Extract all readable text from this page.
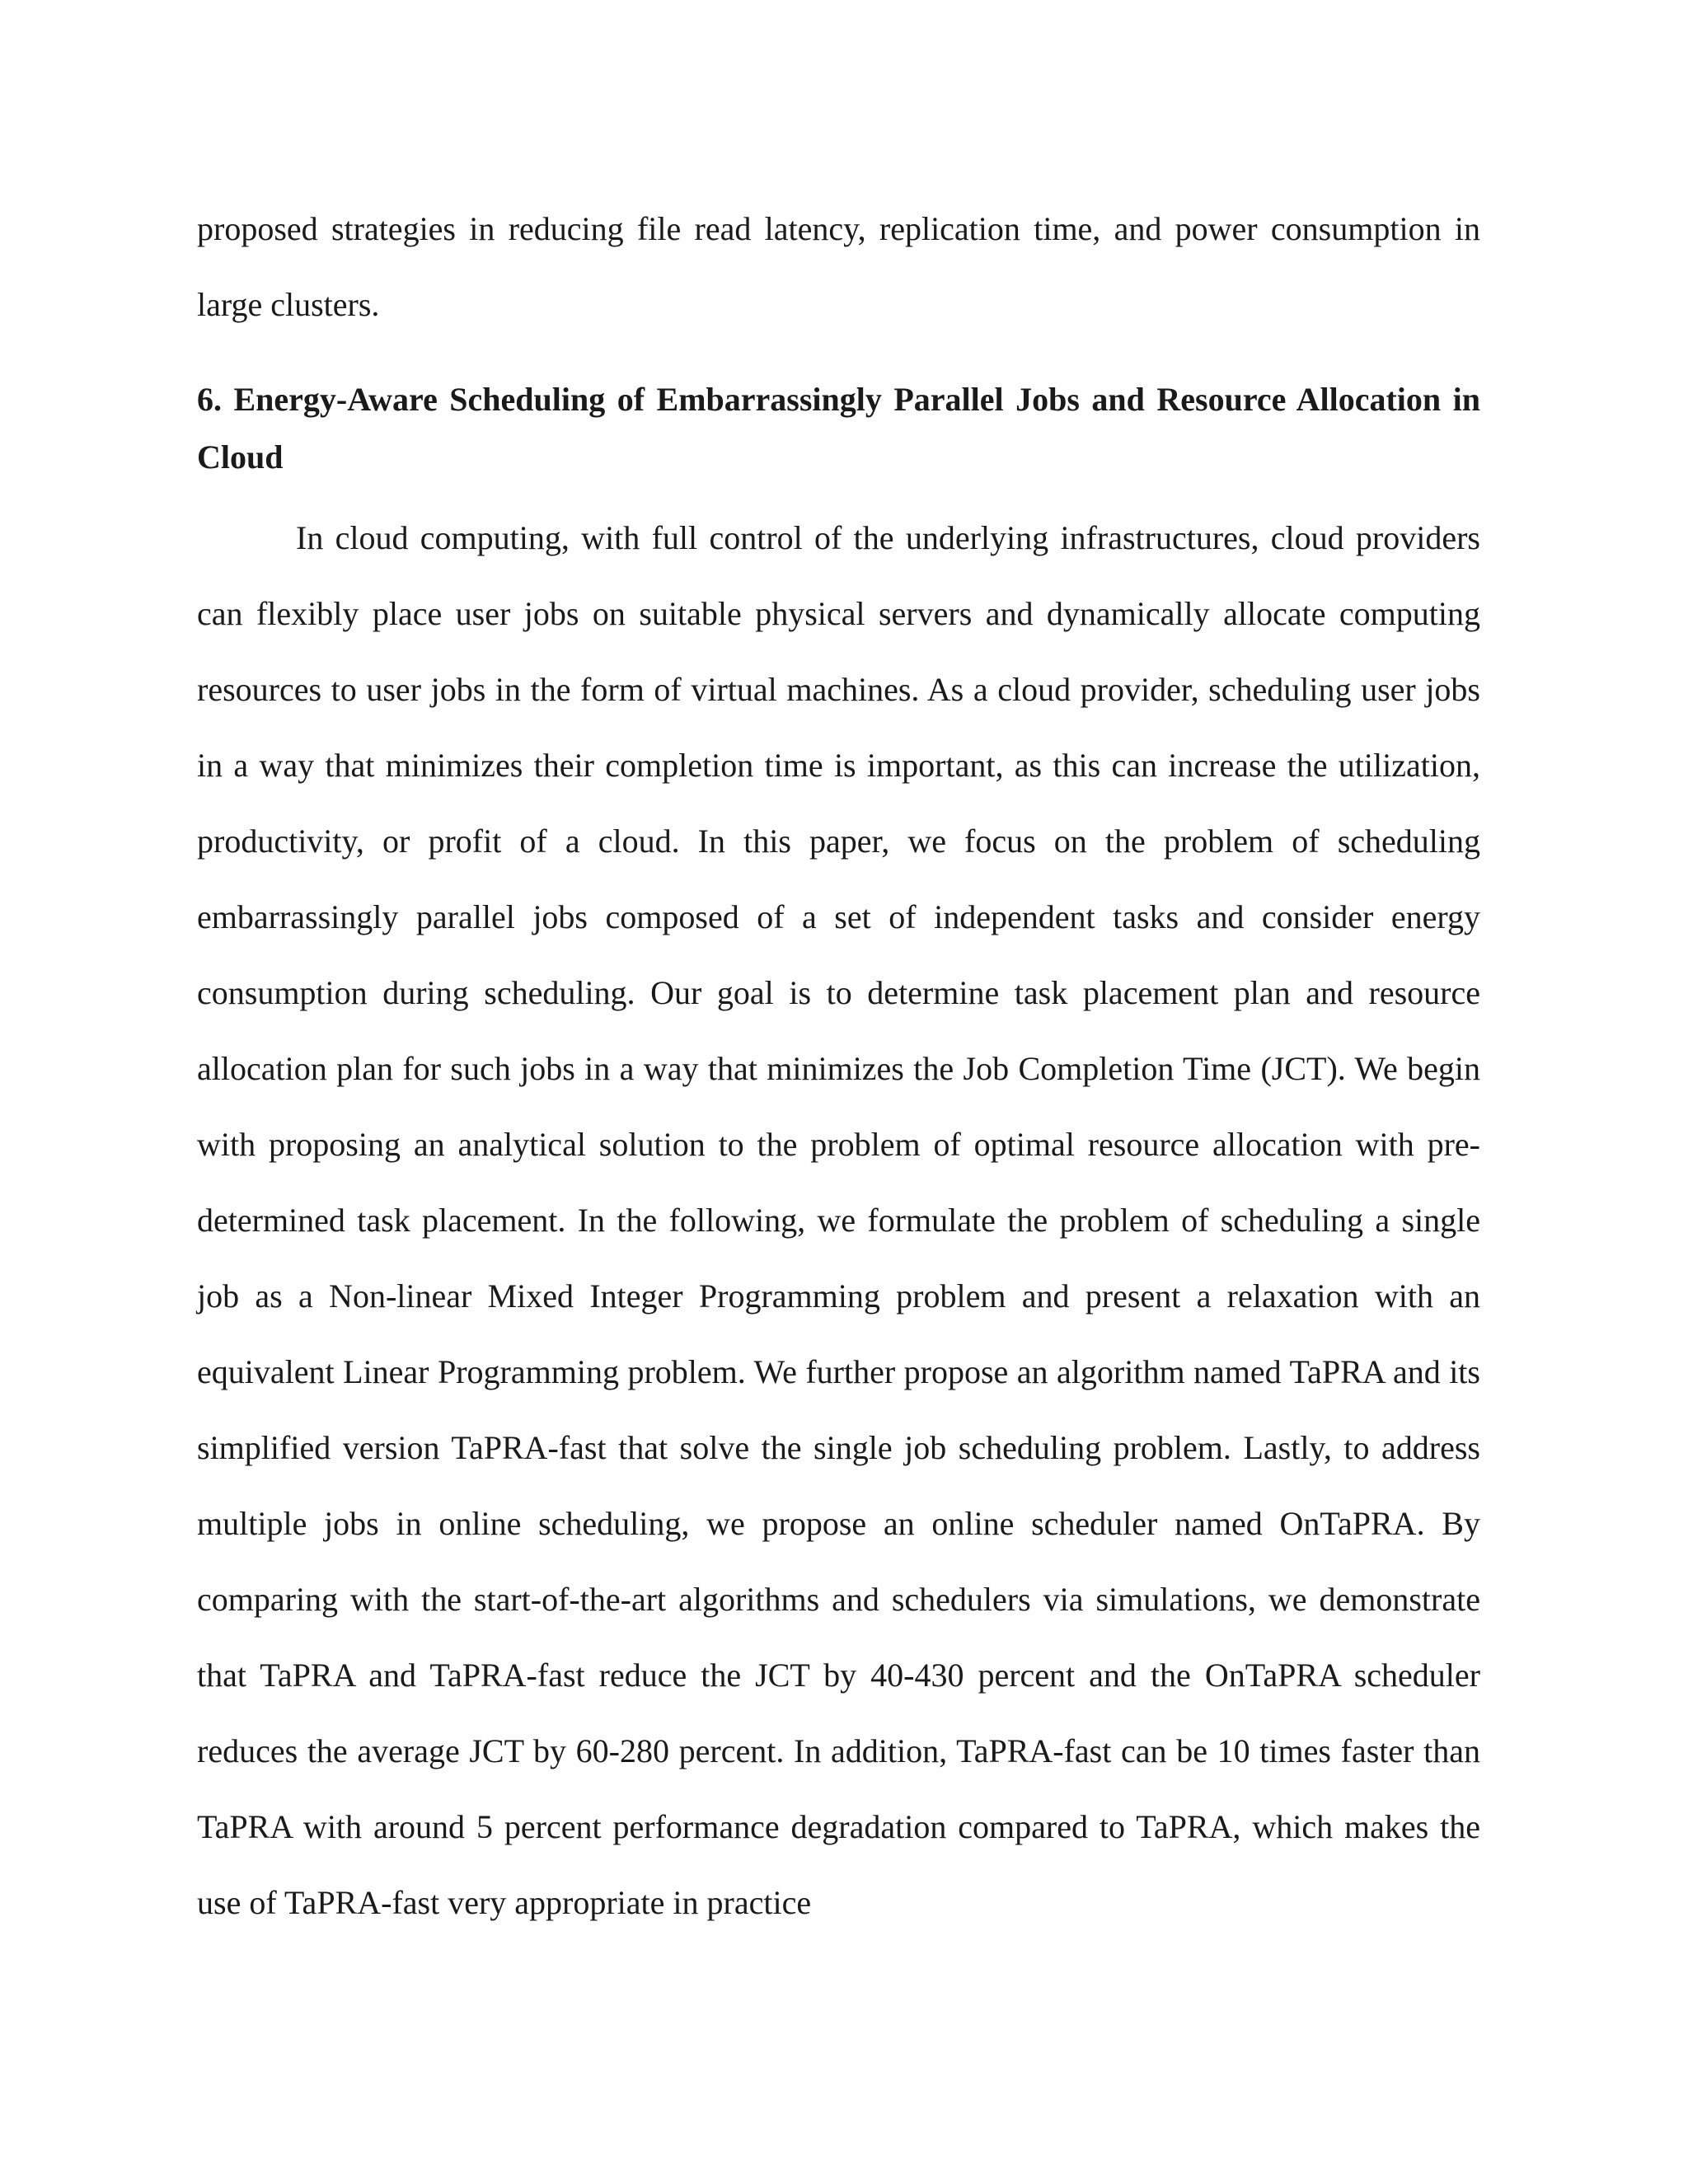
proposed strategies in reducing file read latency, replication time, and power consumption in large clusters.

6. Energy-Aware Scheduling of Embarrassingly Parallel Jobs and Resource Allocation in Cloud

In cloud computing, with full control of the underlying infrastructures, cloud providers can flexibly place user jobs on suitable physical servers and dynamically allocate computing resources to user jobs in the form of virtual machines. As a cloud provider, scheduling user jobs in a way that minimizes their completion time is important, as this can increase the utilization, productivity, or profit of a cloud. In this paper, we focus on the problem of scheduling embarrassingly parallel jobs composed of a set of independent tasks and consider energy consumption during scheduling. Our goal is to determine task placement plan and resource allocation plan for such jobs in a way that minimizes the Job Completion Time (JCT). We begin with proposing an analytical solution to the problem of optimal resource allocation with pre-determined task placement. In the following, we formulate the problem of scheduling a single job as a Non-linear Mixed Integer Programming problem and present a relaxation with an equivalent Linear Programming problem. We further propose an algorithm named TaPRA and its simplified version TaPRA-fast that solve the single job scheduling problem. Lastly, to address multiple jobs in online scheduling, we propose an online scheduler named OnTaPRA. By comparing with the start-of-the-art algorithms and schedulers via simulations, we demonstrate that TaPRA and TaPRA-fast reduce the JCT by 40-430 percent and the OnTaPRA scheduler reduces the average JCT by 60-280 percent. In addition, TaPRA-fast can be 10 times faster than TaPRA with around 5 percent performance degradation compared to TaPRA, which makes the use of TaPRA-fast very appropriate in practice
